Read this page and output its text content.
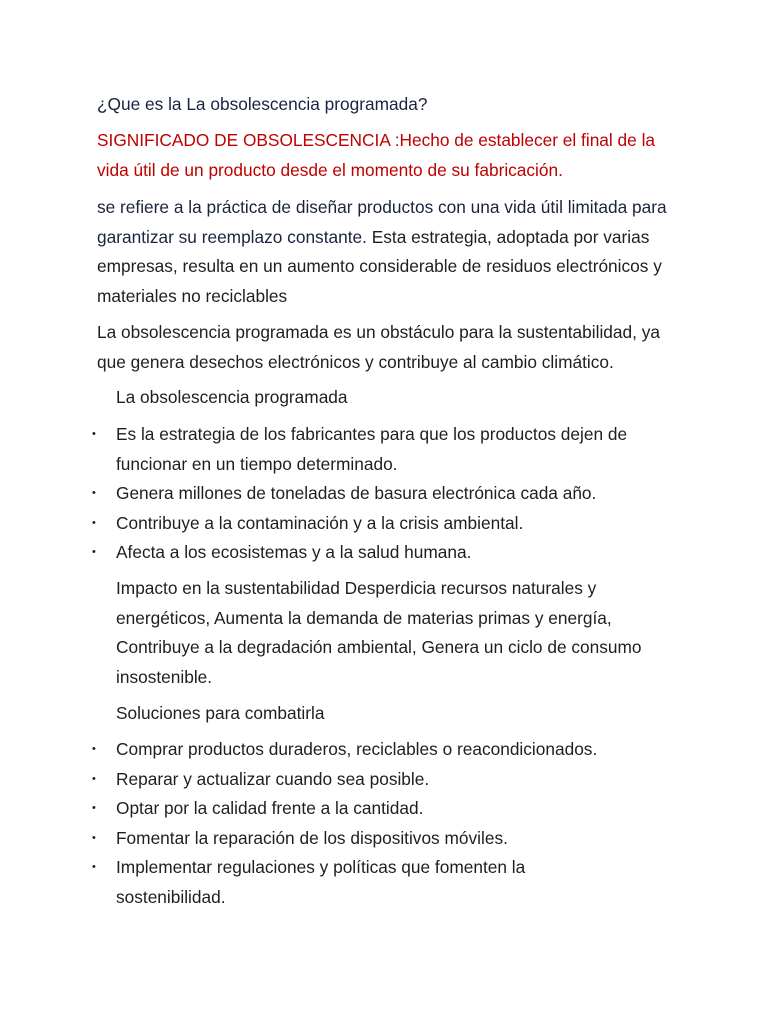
¿Que es la La obsolescencia programada?

SIGNIFICADO DE OBSOLESCENCIA :Hecho de establecer el final de la vida útil de un producto desde el momento de su fabricación.

se refiere a la práctica de diseñar productos con una vida útil limitada para garantizar su reemplazo constante. Esta estrategia, adoptada por varias empresas, resulta en un aumento considerable de residuos electrónicos y materiales no reciclables

La obsolescencia programada es un obstáculo para la sustentabilidad, ya que genera desechos electrónicos y contribuye al cambio climático.

La obsolescencia programada

• Es la estrategia de los fabricantes para que los productos dejen de funcionar en un tiempo determinado.
• Genera millones de toneladas de basura electrónica cada año.
• Contribuye a la contaminación y a la crisis ambiental.
• Afecta a los ecosistemas y a la salud humana.

Impacto en la sustentabilidad Desperdicia recursos naturales y energéticos, Aumenta la demanda de materias primas y energía, Contribuye a la degradación ambiental, Genera un ciclo de consumo insostenible.

Soluciones para combatirla

• Comprar productos duraderos, reciclables o reacondicionados.
• Reparar y actualizar cuando sea posible.
• Optar por la calidad frente a la cantidad.
• Fomentar la reparación de los dispositivos móviles.
• Implementar regulaciones y políticas que fomenten la sostenibilidad.
